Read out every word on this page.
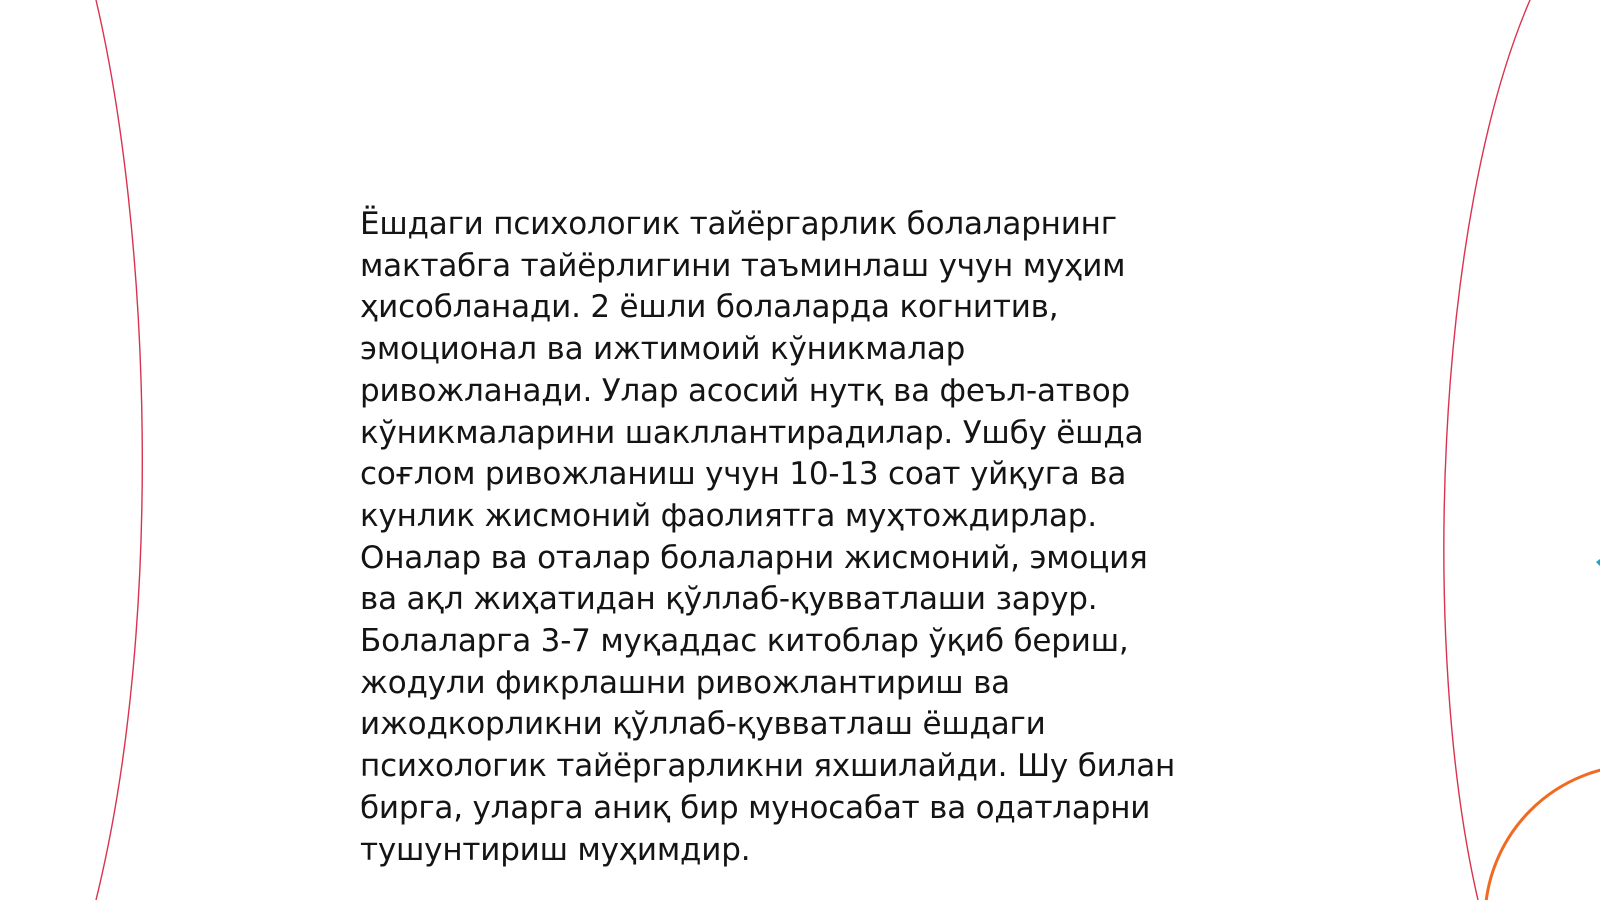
Ёшдаги психологик тайёргарлик болаларнинг
мактабга тайёрлигини таъминлаш учун муҳим
ҳисобланади. 2 ёшли болаларда когнитив,
эмоционал ва ижтимоий кўникмалар
ривожланади. Улар асосий нутқ ва феъл-атвор
кўникмаларини шакллантирадилар. Ушбу ёшда
соғлом ривожланиш учун 10-13 соат уйқуга ва
кунлик жисмоний фаолиятга муҳтождирлар.
Оналар ва оталар болаларни жисмоний, эмоция
ва ақл жиҳатидан қўллаб-қувватлаши зарур.
Болаларга 3-7 муқаддас китоблар ўқиб бериш,
жодули фикрлашни ривожлантириш ва
ижодкорликни қўллаб-қувватлаш ёшдаги
психологик тайёргарликни яхшилайди. Шу билан
бирга, уларга аниқ бир муносабат ва одатларни
тушунтириш муҳимдир.
